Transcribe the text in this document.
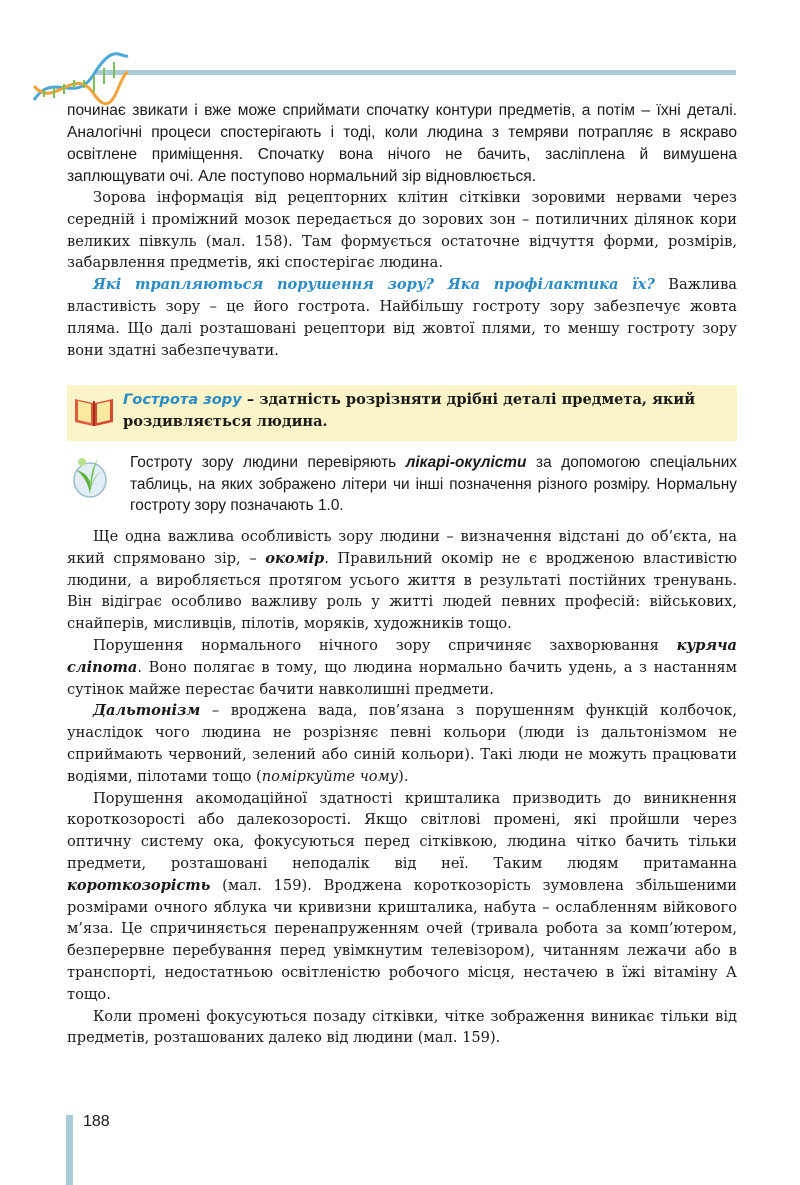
починає звикати і вже може сприймати спочатку контури предметів, а потім – їхні деталі. Аналогічні процеси спостерігають і тоді, коли людина з темряви потрапляє в яскраво освітлене приміщення. Спочатку вона нічого не бачить, засліплена й вимушена заплющувати очі. Але поступово нормальний зір відновлюється.

Зорова інформація від рецепторних клітин сітківки зоровими нервами через середній і проміжний мозок передається до зорових зон – потиличних ділянок кори великих півкуль (мал. 158). Там формується остаточне відчуття форми, розмірів, забарвлення предметів, які спостерігає людина.

Які трапляються порушення зору? Яка профілактика їх? Важлива властивість зору – це його гострота. Найбільшу гостроту зору забезпечує жовта пляма. Що далі розташовані рецептори від жовтої плями, то меншу гостроту зору вони здатні забезпечувати.

Гострота зору – здатність розрізняти дрібні деталі предмета, який роздивляється людина.
Гостроту зору людини перевіряють лікарі-окулісти за допомогою спеціальних таблиць, на яких зображено літери чи інші позначення різного розміру. Нормальну гостроту зору позначають 1.0.

Ще одна важлива особливість зору людини – визначення відстані до об’єкта, на який спрямовано зір, – окомір. Правильний окомір не є вродженою властивістю людини, а виробляється протягом усього життя в результаті постійних тренувань. Він відіграє особливо важливу роль у житті людей певних професій: військових, снайперів, мисливців, пілотів, моряків, художників тощо.

Порушення нормального нічного зору спричиняє захворювання куряча сліпота. Воно полягає в тому, що людина нормально бачить удень, а з настанням сутінок майже перестає бачити навколишні предмети.

Дальтонізм – вроджена вада, пов’язана з порушенням функцій колбочок, унаслідок чого людина не розрізняє певні кольори (люди із дальтонізмом не сприймають червоний, зелений або синій кольори). Такі люди не можуть працювати водіями, пілотами тощо (поміркуйте чому).

Порушення акомодаційної здатності кришталика призводить до виникнення короткозорості або далекозорості. Якщо світлові промені, які пройшли через оптичну систему ока, фокусуються перед сітківкою, людина чітко бачить тільки предмети, розташовані неподалік від неї. Таким людям притаманна короткозорість (мал. 159). Вроджена короткозорість зумовлена збільшеними розмірами очного яблука чи кривизни кришталика, набута – ослабленням війкового м’яза. Це спричиняється перенапруженням очей (тривала робота за комп’ютером, безперервне перебування перед увімкнутим телевізором), читанням лежачи або в транспорті, недостатньою освітленістю робочого місця, нестачею в їжі вітаміну А тощо.

Коли промені фокусуються позаду сітківки, чітке зображення виникає тільки від предметів, розташованих далеко від людини (мал. 159).

188
